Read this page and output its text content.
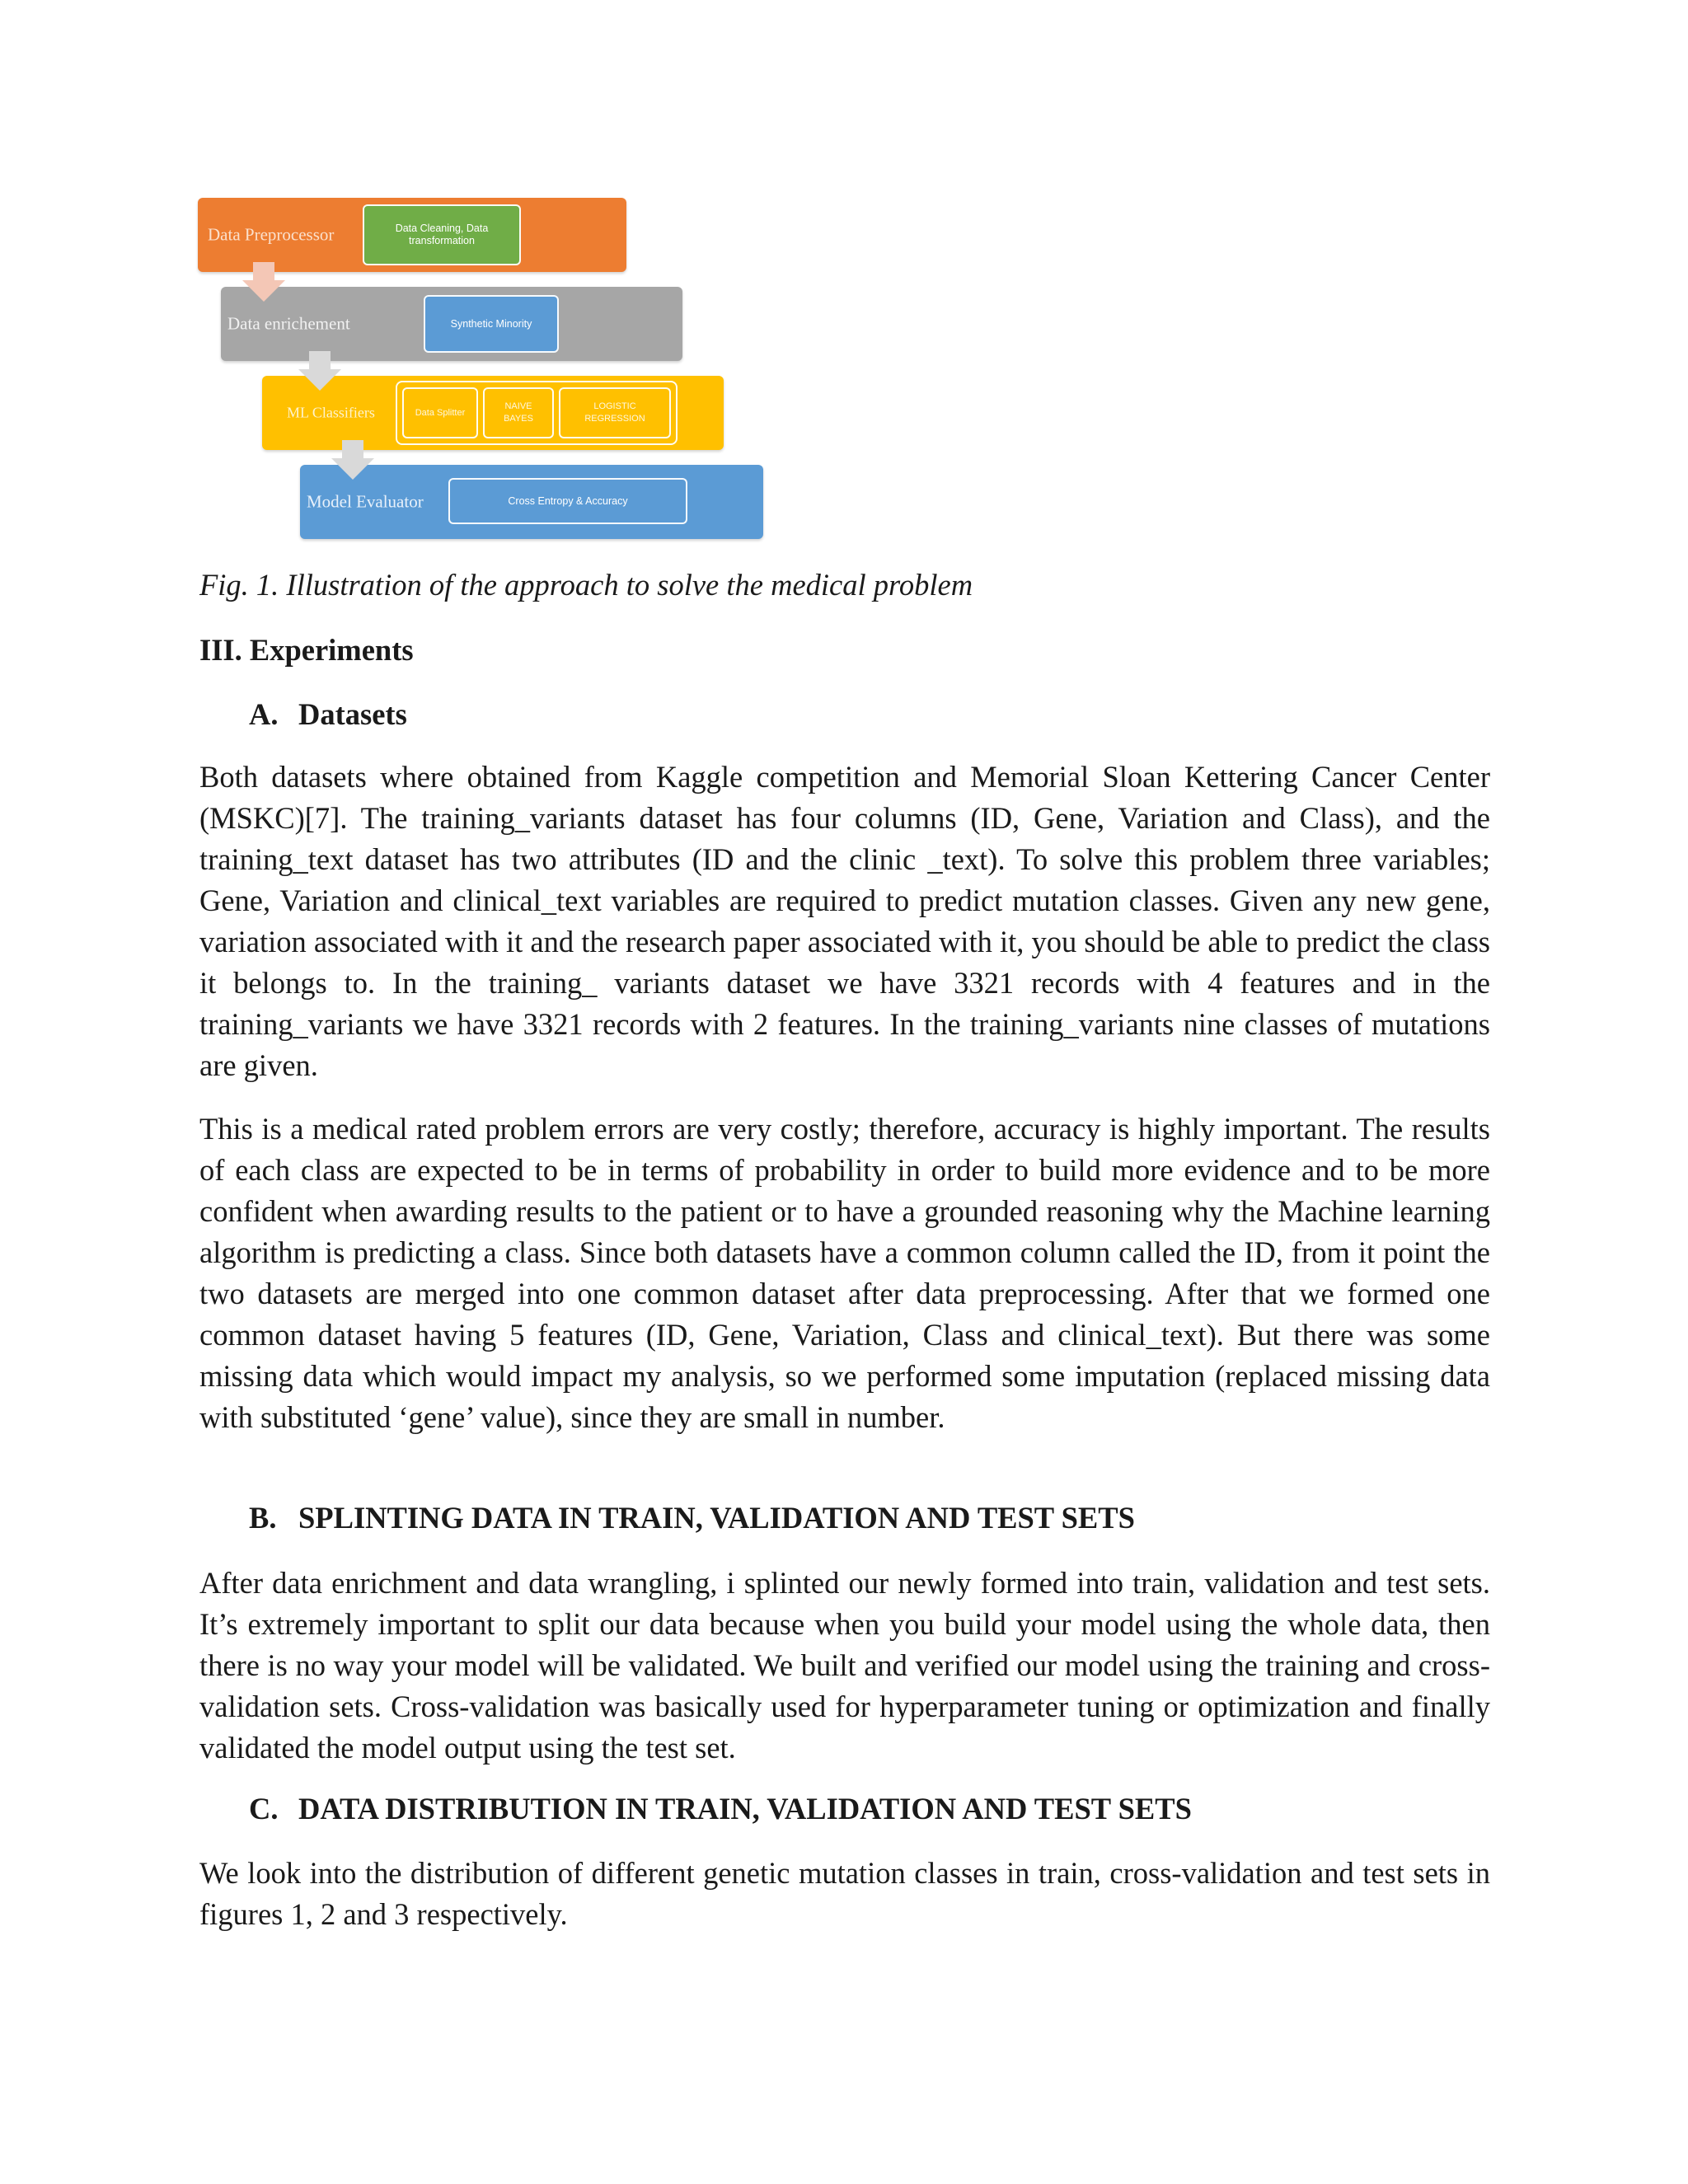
Data Preprocessor	Data Cleaning, Data transformation
Data enrichement	Synthetic Minority
ML Classifiers	Data Splitter
NAIVE BAYES
LOGISTIC REGRESSION
Model Evaluator	Cross Entropy & Accuracy

Fig. 1. Illustration of the approach to solve the medical problem

III. Experiments

A. Datasets

Both datasets where obtained from Kaggle competition and Memorial Sloan Kettering Cancer Center (MSKC)[7]. The training_variants dataset has four columns (ID, Gene, Variation and Class), and the training_text dataset has two attributes (ID and the clinic _text). To solve this problem three variables; Gene, Variation and clinical_text variables are required to predict mutation classes. Given any new gene, variation associated with it and the research paper associated with it, you should be able to predict the class it belongs to. In the training_ variants dataset we have 3321 records with 4 features and in the training_variants we have 3321 records with 2 features. In the training_variants nine classes of mutations are given.

This is a medical rated problem errors are very costly; therefore, accuracy is highly important. The results of each class are expected to be in terms of probability in order to build more evidence and to be more confident when awarding results to the patient or to have a grounded reasoning why the Machine learning algorithm is predicting a class. Since both datasets have a common column called the ID, from it point the two datasets are merged into one common dataset after data preprocessing. After that we formed one common dataset having 5 features (ID, Gene, Variation, Class and clinical_text). But there was some missing data which would impact my analysis, so we performed some imputation (replaced missing data with substituted ‘gene’ value), since they are small in number.

B. SPLINTING DATA IN TRAIN, VALIDATION AND TEST SETS

After data enrichment and data wrangling, i splinted our newly formed into train, validation and test sets. It’s extremely important to split our data because when you build your model using the whole data, then there is no way your model will be validated. We built and verified our model using the training and cross-validation sets. Cross-validation was basically used for hyperparameter tuning or optimization and finally validated the model output using the test set.

C. DATA DISTRIBUTION IN TRAIN, VALIDATION AND TEST SETS

We look into the distribution of different genetic mutation classes in train, cross-validation and test sets in figures 1, 2 and 3 respectively.
